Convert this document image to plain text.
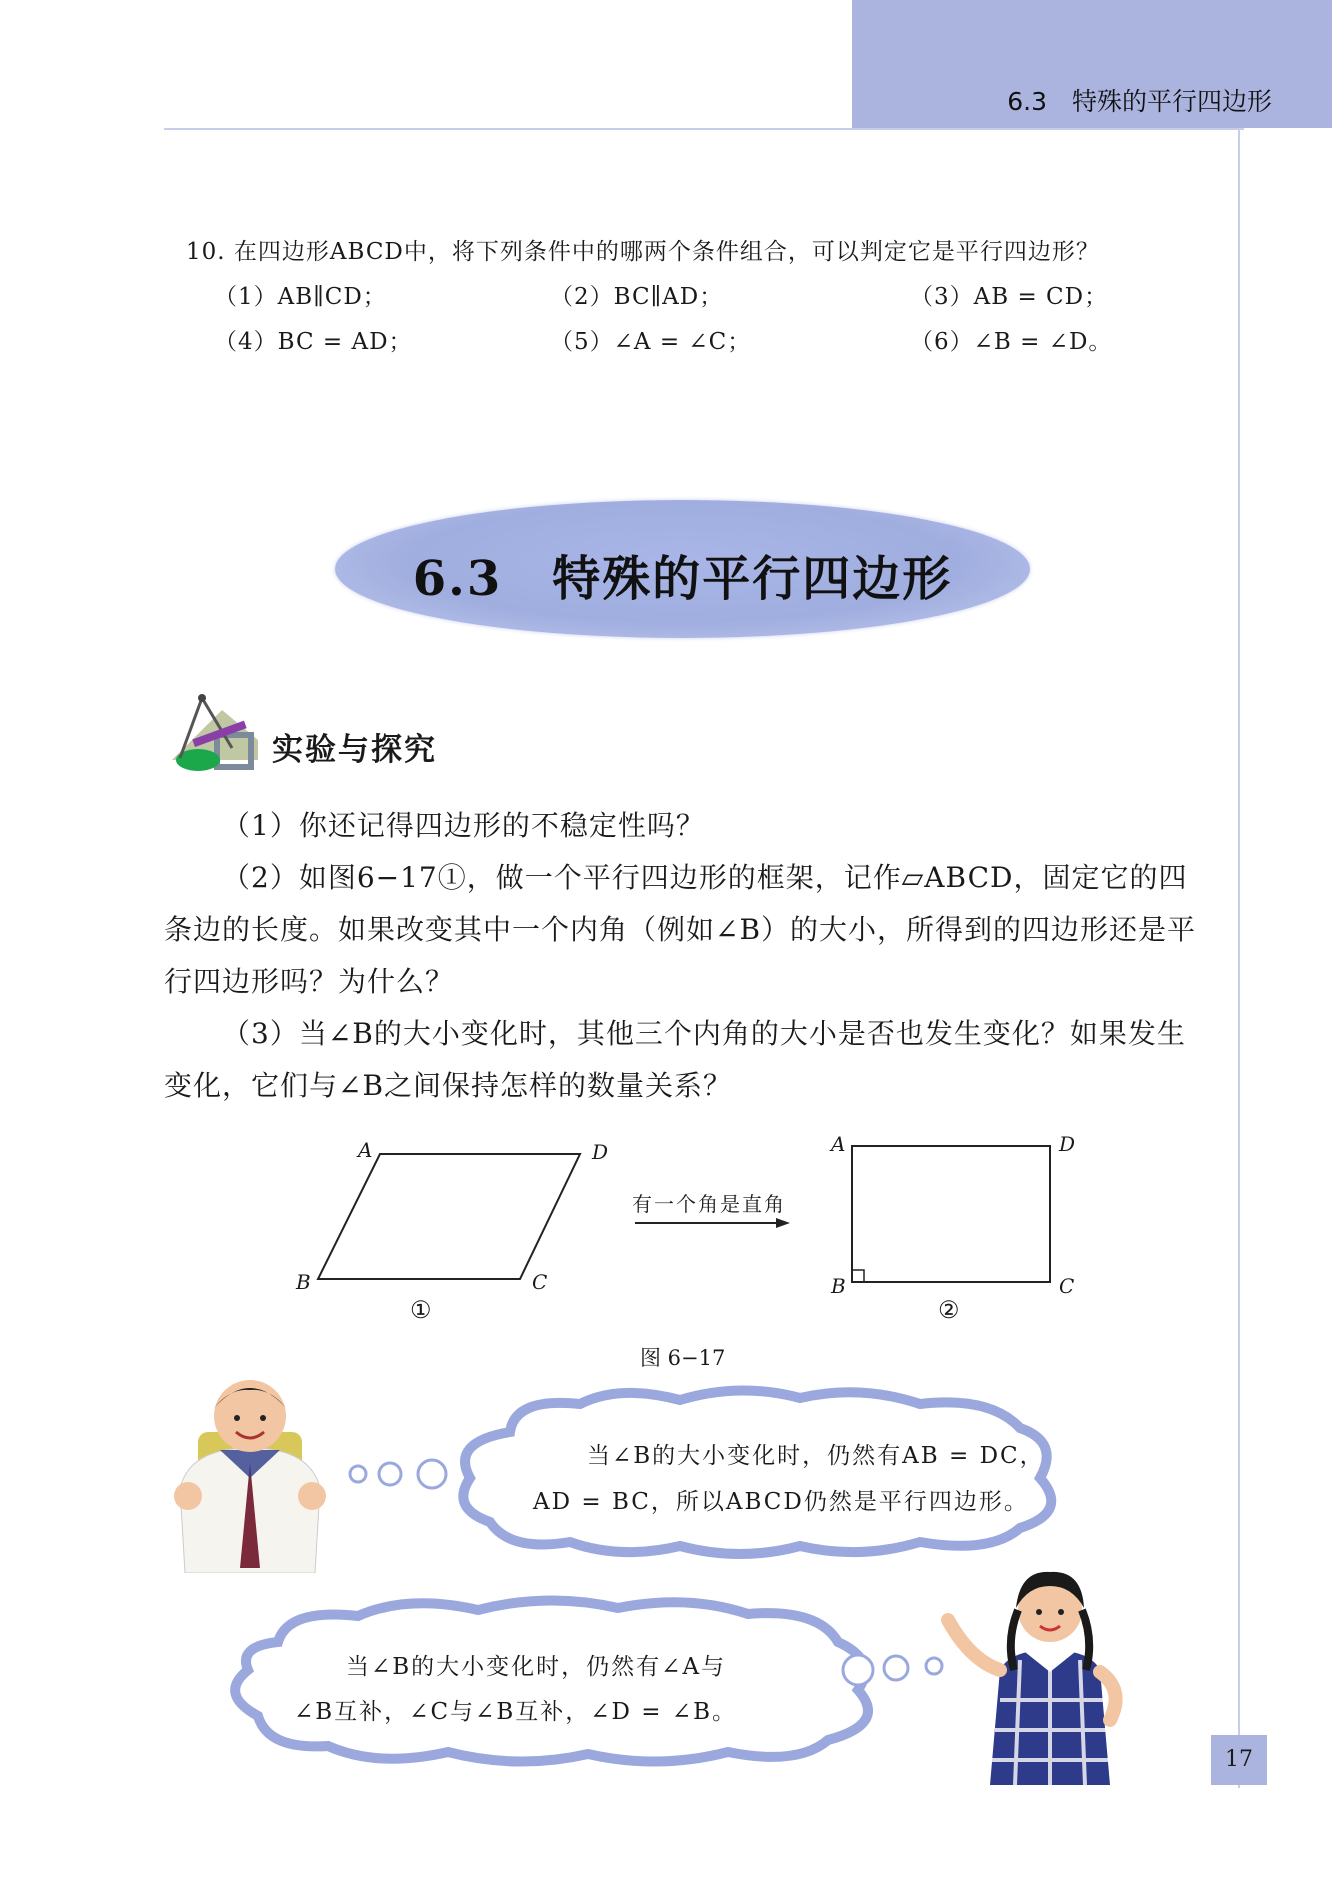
6.3　特殊的平行四边形
10. 在四边形ABCD中，将下列条件中的哪两个条件组合，可以判定它是平行四边形？
（1）AB∥CD；	（2）BC∥AD；	（3）AB = CD；
（4）BC = AD；	（5）∠A = ∠C；	（6）∠B = ∠D。
6.3　特殊的平行四边形
实验与探究
（1）你还记得四边形的不稳定性吗？
（2）如图6−17①，做一个平行四边形的框架，记作▱ABCD，固定它的四条边的长度。如果改变其中一个内角（例如∠B）的大小，所得到的四边形还是平行四边形吗？为什么？
（3）当∠B的大小变化时，其他三个内角的大小是否也发生变化？如果发生变化，它们与∠B之间保持怎样的数量关系？
A	D
B	C
①
A	D
B	C
②
有一个角是直角
图 6−17
当∠B的大小变化时，仍然有AB = DC，
AD = BC，所以ABCD仍然是平行四边形。
当∠B的大小变化时，仍然有∠A与
∠B互补，∠C与∠B互补，∠D = ∠B。
17
